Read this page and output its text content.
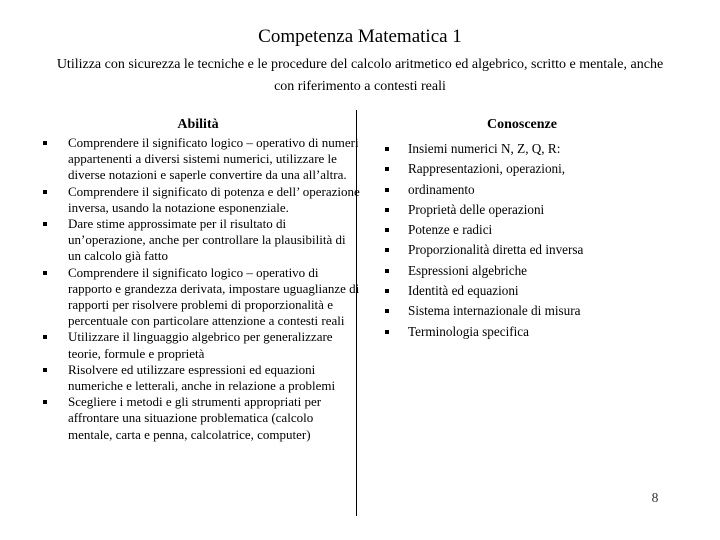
Competenza Matematica 1
Utilizza con sicurezza le tecniche e le procedure del calcolo aritmetico ed algebrico, scritto e mentale, anche con riferimento a contesti reali
Abilità
Comprendere il significato logico – operativo di numeri appartenenti a diversi sistemi numerici, utilizzare le diverse notazioni e saperle convertire da una all’altra.
Comprendere il significato di potenza e dell’ operazione inversa, usando la notazione esponenziale.
Dare stime approssimate per il risultato di un’operazione, anche per controllare la plausibilità di un calcolo già fatto
Comprendere il significato logico – operativo di rapporto e grandezza derivata, impostare uguaglianze di rapporti per risolvere problemi di proporzionalità e percentuale con particolare attenzione a contesti reali
Utilizzare il linguaggio algebrico per generalizzare teorie, formule e proprietà
Risolvere ed utilizzare espressioni ed equazioni numeriche e letterali, anche in relazione a problemi
Scegliere i metodi e gli strumenti appropriati per affrontare una situazione problematica (calcolo mentale, carta e penna, calcolatrice, computer)
Conoscenze
Insiemi numerici N, Z, Q, R:
Rappresentazioni, operazioni,
ordinamento
Proprietà delle operazioni
Potenze e radici
Proporzionalità diretta ed inversa
Espressioni algebriche
Identità ed equazioni
Sistema internazionale di misura
Terminologia specifica
8
